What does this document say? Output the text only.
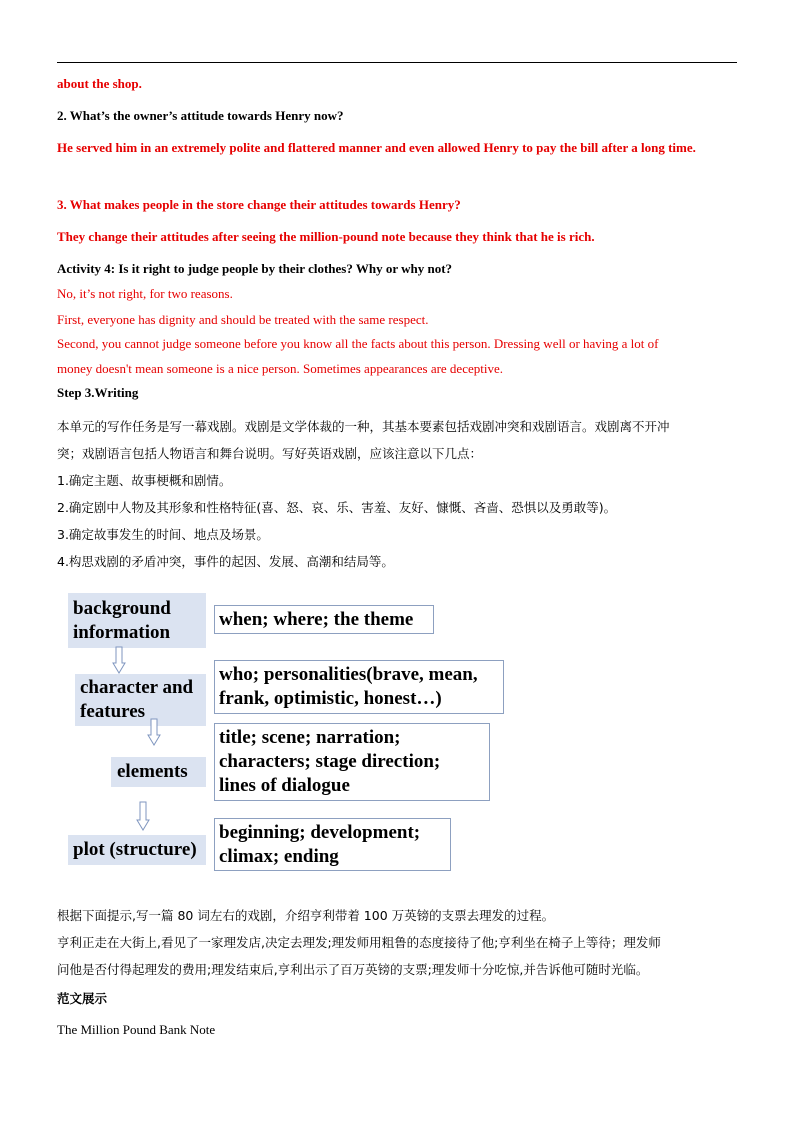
about the shop.
2. What’s the owner’s attitude towards Henry now?
He served him in an extremely polite and flattered manner and even allowed Henry to pay the bill after a long time.
3. What makes people in the store change their attitudes towards Henry?
They change their attitudes after seeing the million-pound note because they think that he is rich.
Activity 4: Is it right to judge people by their clothes? Why or why not?
No, it’s not right, for two reasons.
First, everyone has dignity and should be treated with the same respect.
Second, you cannot judge someone before you know all the facts about this person. Dressing well or having a lot of
money doesn't mean someone is a nice person. Sometimes appearances are deceptive.
Step 3.Writing
本单元的写作任务是写一幕戏剧。戏剧是文学体裁的一种，其基本要素包括戏剧冲突和戏剧语言。戏剧离不开冲
突；戏剧语言包括人物语言和舞台说明。写好英语戏剧，应该注意以下几点：
1.确定主题、故事梗概和剧情。
2.确定剧中人物及其形象和性格特征(喜、怒、哀、乐、害羞、友好、慷慨、吝啬、恐惧以及勇敢等)。
3.确定故事发生的时间、地点及场景。
4.构思戏剧的矛盾冲突，事件的起因、发展、高潮和结局等。
background
information
when; where; the theme
character and
features
who; personalities(brave, mean,
frank, optimistic, honest…)
elements
title; scene; narration;
characters; stage direction;
lines of dialogue
plot (structure)
beginning; development;
climax; ending
根据下面提示,写一篇 80 词左右的戏剧，介绍亨利带着 100 万英镑的支票去理发的过程。
亨利正走在大街上,看见了一家理发店,决定去理发;理发师用粗鲁的态度接待了他;亨利坐在椅子上等待；理发师
问他是否付得起理发的费用;理发结束后,亨利出示了百万英镑的支票;理发师十分吃惊,并告诉他可随时光临。
范文展示
The Million Pound Bank Note
